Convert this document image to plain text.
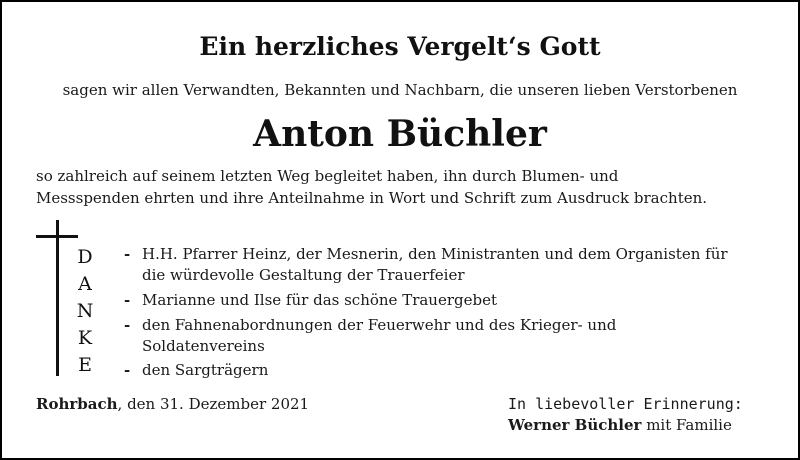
Ein herzliches Vergelt‘s Gott
sagen wir allen Verwandten, Bekannten und Nachbarn, die unseren lieben Verstorbenen
Anton Büchler
so zahlreich auf seinem letzten Weg begleitet haben, ihn durch Blumen- und
Messspenden ehrten und ihre Anteilnahme in Wort und Schrift zum Ausdruck brachten.
D
A
N
K
E
- H.H. Pfarrer Heinz, der Mesnerin, den Ministranten und dem Organisten für
die würdevolle Gestaltung der Trauerfeier
- Marianne und Ilse für das schöne Trauergebet
- den Fahnenabordnungen der Feuerwehr und des Krieger- und
Soldatenvereins
- den Sargträgern
Rohrbach, den 31. Dezember 2021	In liebevoller Erinnerung:
Werner Büchler mit Familie
